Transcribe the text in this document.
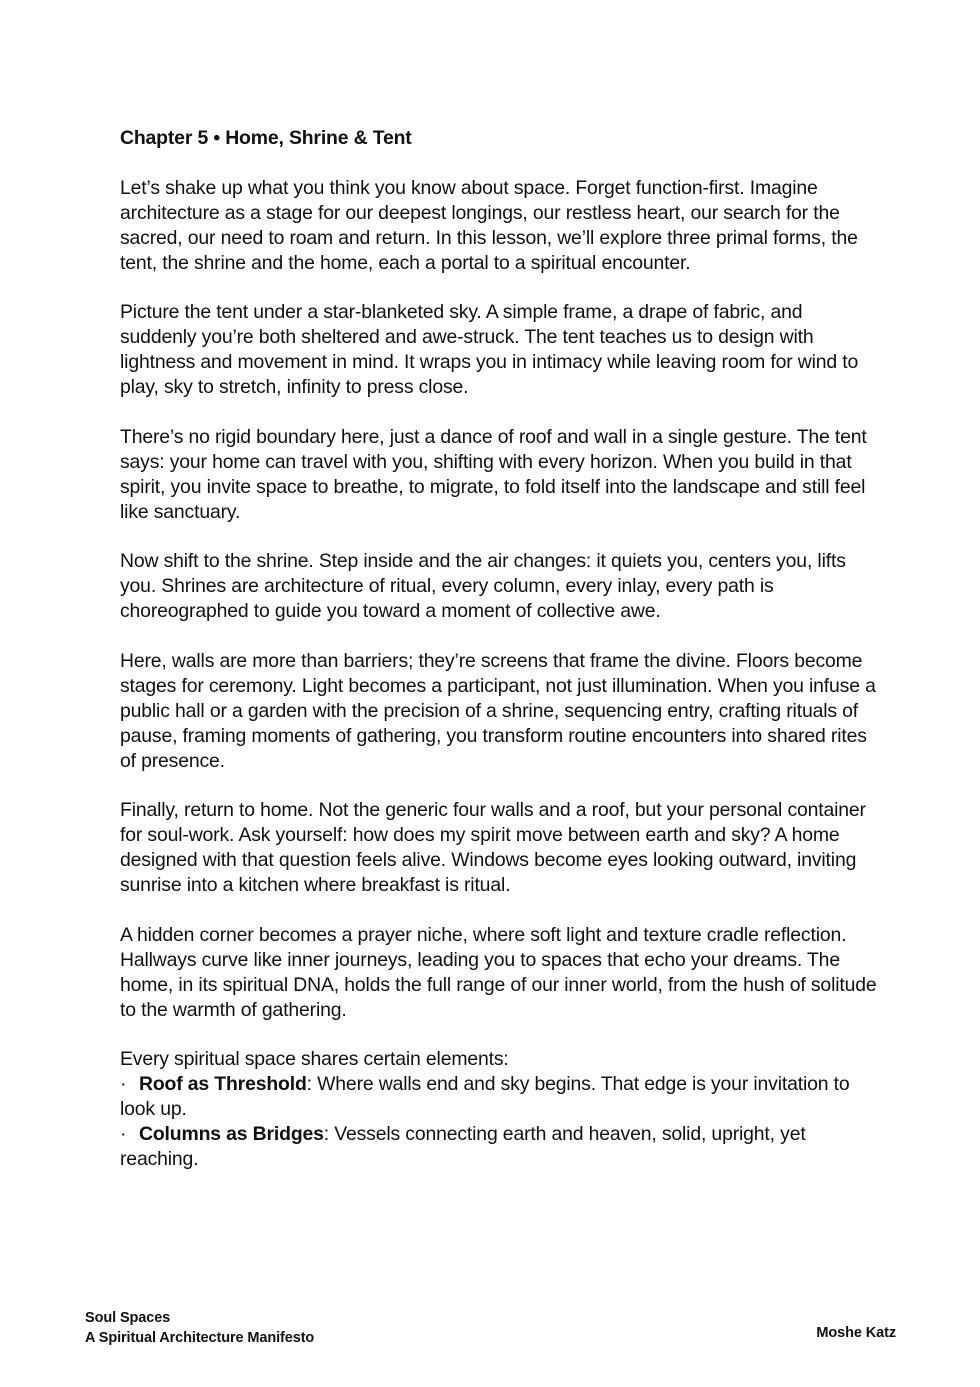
Chapter 5 • Home, Shrine & Tent

Let’s shake up what you think you know about space. Forget function-first. Imagine architecture as a stage for our deepest longings, our restless heart, our search for the sacred, our need to roam and return. In this lesson, we’ll explore three primal forms, the tent, the shrine and the home, each a portal to a spiritual encounter.

Picture the tent under a star-blanketed sky. A simple frame, a drape of fabric, and suddenly you’re both sheltered and awe-struck. The tent teaches us to design with lightness and movement in mind. It wraps you in intimacy while leaving room for wind to play, sky to stretch, infinity to press close.

There’s no rigid boundary here, just a dance of roof and wall in a single gesture. The tent says: your home can travel with you, shifting with every horizon. When you build in that spirit, you invite space to breathe, to migrate, to fold itself into the landscape and still feel like sanctuary.

Now shift to the shrine. Step inside and the air changes: it quiets you, centers you, lifts you. Shrines are architecture of ritual, every column, every inlay, every path is choreographed to guide you toward a moment of collective awe.

Here, walls are more than barriers; they’re screens that frame the divine. Floors become stages for ceremony. Light becomes a participant, not just illumination. When you infuse a public hall or a garden with the precision of a shrine, sequencing entry, crafting rituals of pause, framing moments of gathering, you transform routine encounters into shared rites of presence.

Finally, return to home. Not the generic four walls and a roof, but your personal container for soul-work. Ask yourself: how does my spirit move between earth and sky? A home designed with that question feels alive. Windows become eyes looking outward, inviting sunrise into a kitchen where breakfast is ritual.

A hidden corner becomes a prayer niche, where soft light and texture cradle reflection. Hallways curve like inner journeys, leading you to spaces that echo your dreams. The home, in its spiritual DNA, holds the full range of our inner world, from the hush of solitude to the warmth of gathering.

Every spiritual space shares certain elements:

· Roof as Threshold: Where walls end and sky begins. That edge is your invitation to look up.
· Columns as Bridges: Vessels connecting earth and heaven, solid, upright, yet reaching.
Soul Spaces
A Spiritual Architecture Manifesto	Moshe Katz
